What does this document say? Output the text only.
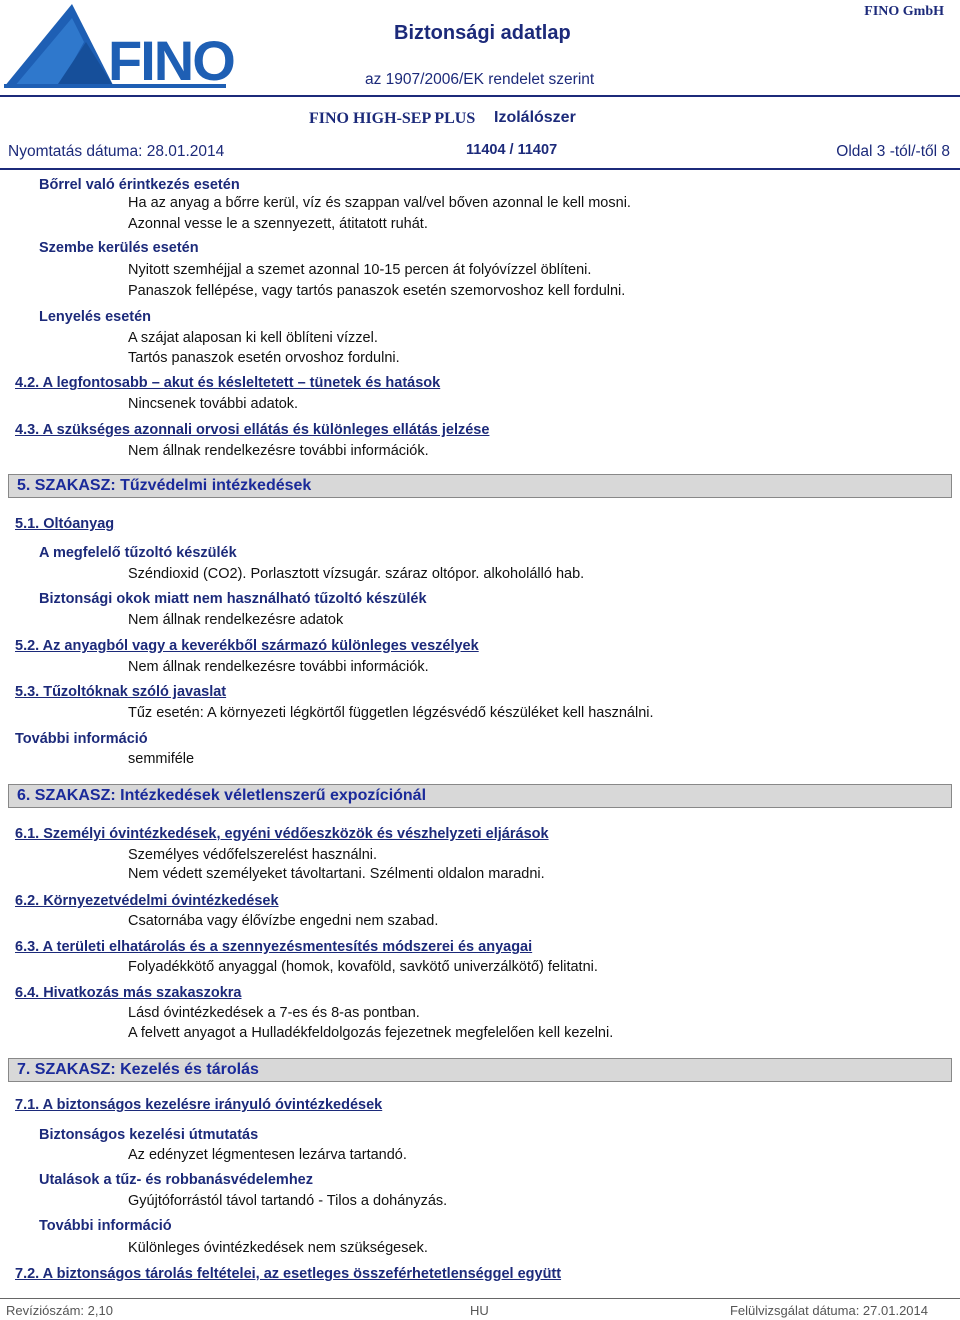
FINO	Biztonsági adatlap
az 1907/2006/EK rendelet szerint
FINO GmbH
FINO HIGH-SEP PLUS Izolálószer
Nyomtatás dátuma: 28.01.2014	11404 / 11407	Oldal 3 -tól/-től 8
Bőrrel való érintkezés esetén
Ha az anyag a bőrre kerül, víz és szappan val/vel bőven azonnal le kell mosni.
Azonnal vesse le a szennyezett, átitatott ruhát.
Szembe kerülés esetén
Nyitott szemhéjjal a szemet azonnal 10-15 percen át folyóvízzel öblíteni.
Panaszok fellépése, vagy tartós panaszok esetén szemorvoshoz kell fordulni.
Lenyelés esetén
A szájat alaposan ki kell öblíteni vízzel.
Tartós panaszok esetén orvoshoz fordulni.
4.2. A legfontosabb – akut és késleltetett – tünetek és hatások
Nincsenek további adatok.
4.3. A szükséges azonnali orvosi ellátás és különleges ellátás jelzése
Nem állnak rendelkezésre további információk.
5. SZAKASZ: Tűzvédelmi intézkedések
5.1. Oltóanyag
A megfelelő tűzoltó készülék
Széndioxid (CO2). Porlasztott vízsugár. száraz oltópor. alkoholálló hab.
Biztonsági okok miatt nem használható tűzoltó készülék
Nem állnak rendelkezésre adatok
5.2. Az anyagból vagy a keverékből származó különleges veszélyek
Nem állnak rendelkezésre további információk.
5.3. Tűzoltóknak szóló javaslat
Tűz esetén: A környezeti légkörtől független légzésvédő készüléket kell használni.
További információ
semmiféle
6. SZAKASZ: Intézkedések véletlenszerű expozíciónál
6.1. Személyi óvintézkedések, egyéni védőeszközök és vészhelyzeti eljárások
Személyes védőfelszerelést használni.
Nem védett személyeket távoltartani. Szélmenti oldalon maradni.
6.2. Környezetvédelmi óvintézkedések
Csatornába vagy élővízbe engedni nem szabad.
6.3. A területi elhatárolás és a szennyezésmentesítés módszerei és anyagai
Folyadékkötő anyaggal (homok, kovaföld, savkötő univerzálkötő) felitatni.
6.4. Hivatkozás más szakaszokra
Lásd óvintézkedések a 7-es és 8-as pontban.
A felvett anyagot a Hulladékfeldolgozás fejezetnek megfelelően kell kezelni.
7. SZAKASZ: Kezelés és tárolás
7.1. A biztonságos kezelésre irányuló óvintézkedések
Biztonságos kezelési útmutatás
Az edényzet légmentesen lezárva tartandó.
Utalások a tűz- és robbanásvédelemhez
Gyújtóforrástól távol tartandó - Tilos a dohányzás.
További információ
Különleges óvintézkedések nem szükségesek.
7.2. A biztonságos tárolás feltételei, az esetleges összeférhetetlenséggel együtt
Revíziószám: 2,10	HU	Felülvizsgálat dátuma: 27.01.2014
